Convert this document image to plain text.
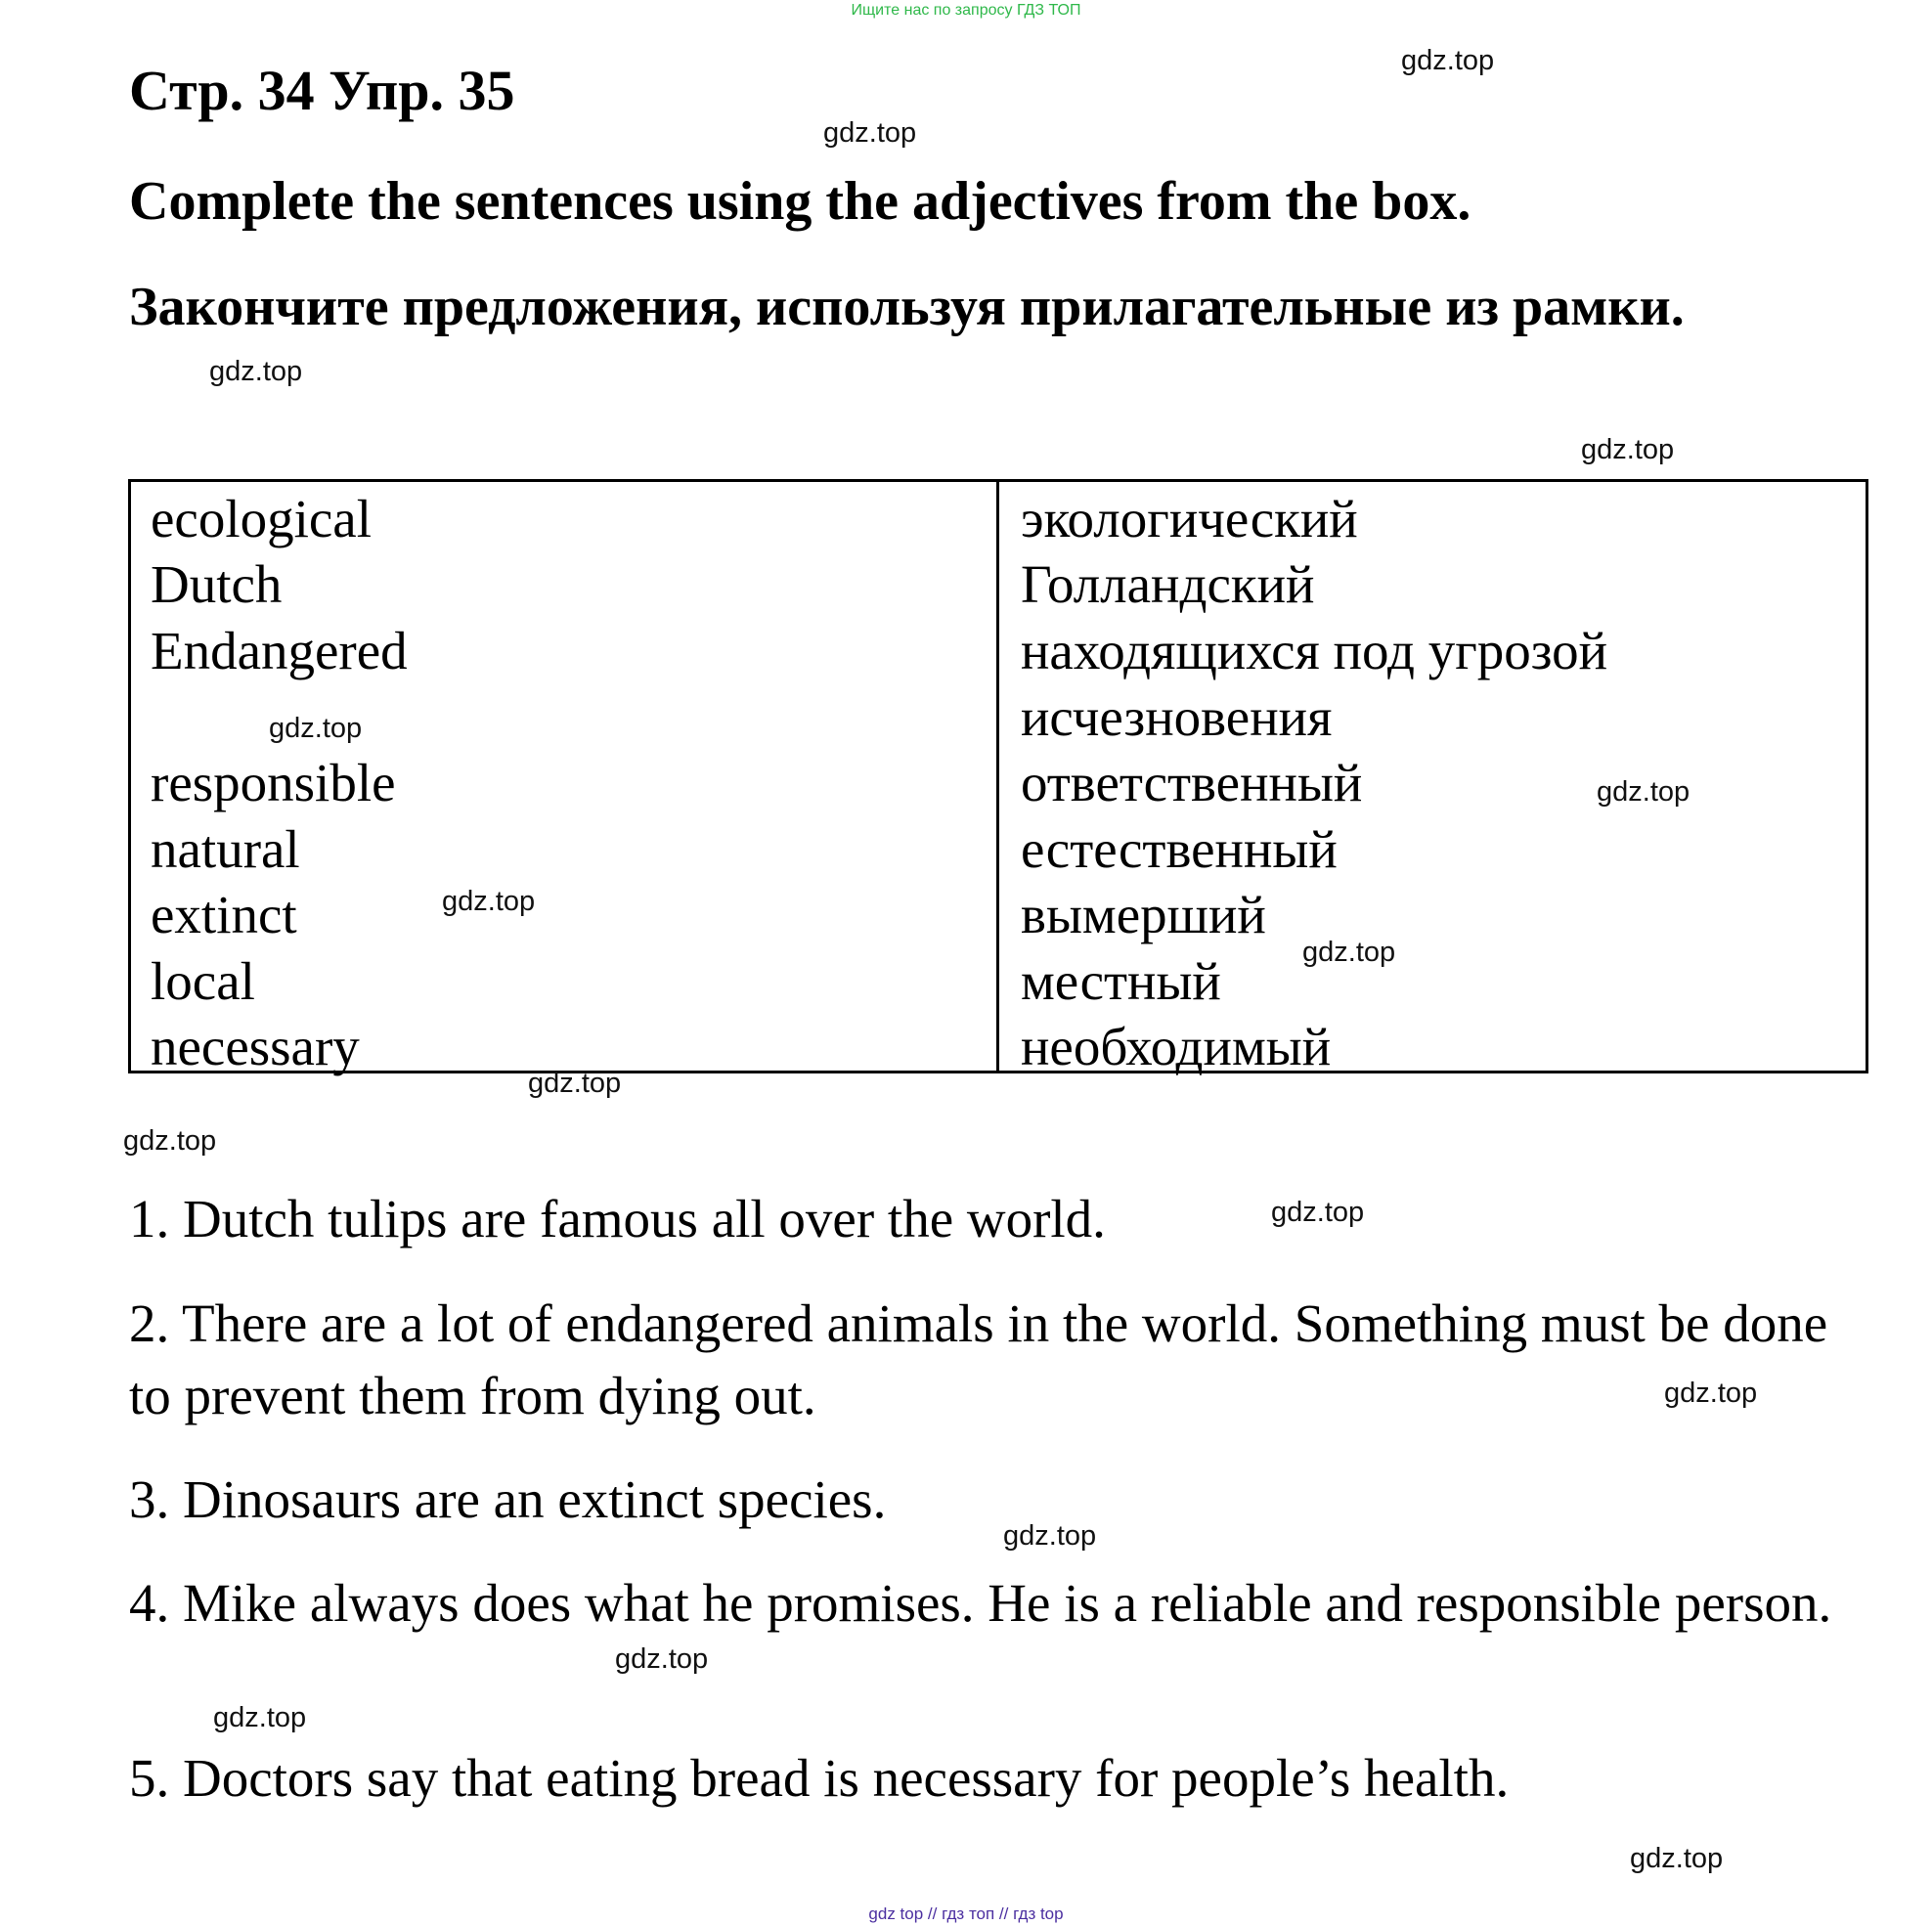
Ищите нас по запросу ГДЗ ТОП
Стр. 34 Упр. 35
Complete the sentences using the adjectives from the box.
Закончите предложения, используя прилагательные из рамки.
ecological
Dutch
Endangered
responsible
natural
extinct
local
necessary
экологический
Голландский
находящихся под угрозой
исчезновения
ответственный
естественный
вымерший
местный
необходимый
1. Dutch tulips are famous all over the world.
2. There are a lot of endangered animals in the world. Something must be done to prevent them from dying out.
3. Dinosaurs are an extinct species.
4. Mike always does what he promises. He is a reliable and responsible person.
5. Doctors say that eating bread is necessary for people’s health.
gdz.top
gdz.top
gdz.top
gdz.top
gdz.top
gdz.top
gdz.top
gdz.top
gdz.top
gdz.top
gdz.top
gdz.top
gdz.top
gdz.top
gdz.top
gdz.top
gdz top // гдз топ // гдз top
